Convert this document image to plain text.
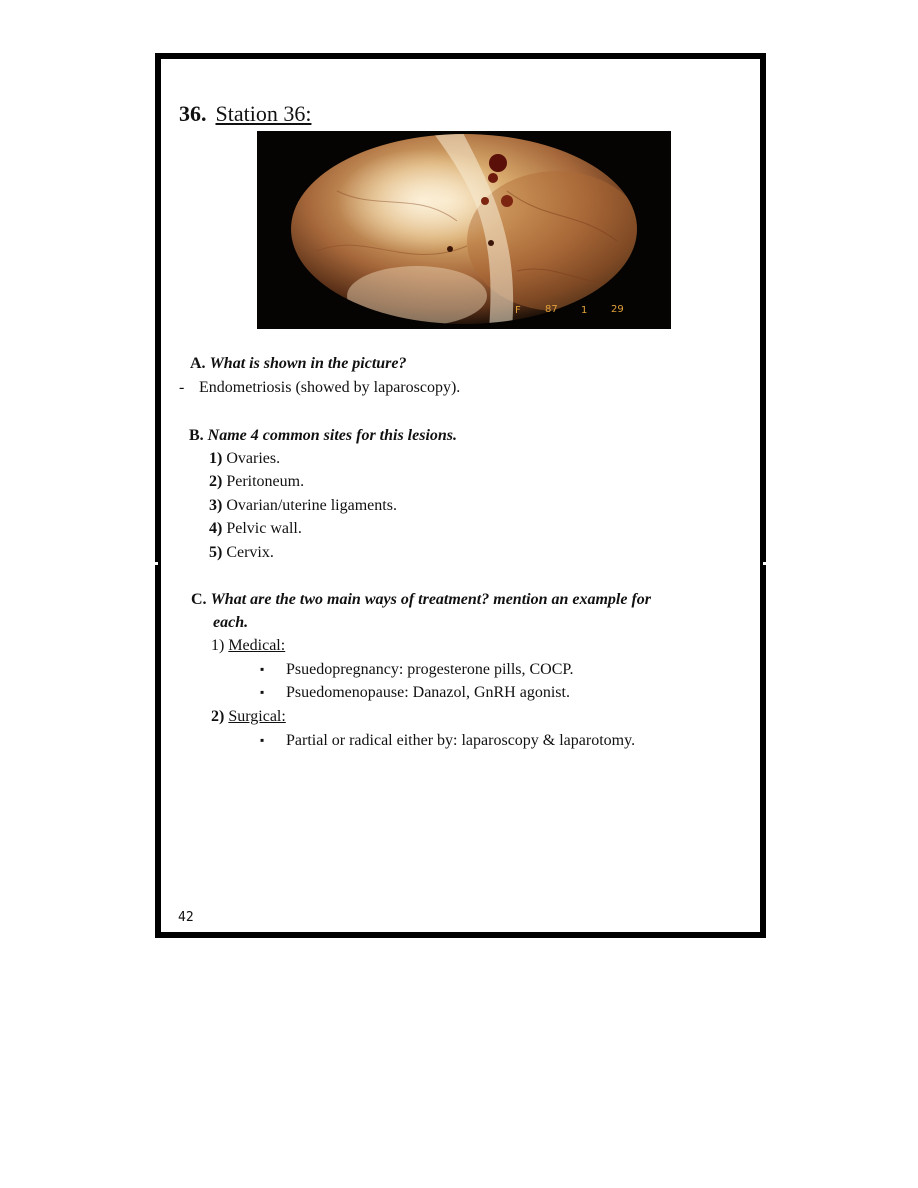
36. Station 36:
F 87 1 29
A. What is shown in the picture?
- Endometriosis (showed by laparoscopy).
B. Name 4 common sites for this lesions.
1) Ovaries.
2) Peritoneum.
3) Ovarian/uterine ligaments.
4) Pelvic wall.
5) Cervix.
C. What are the two main ways of treatment? mention an example for
each.
1) Medical:
▪ Psuedopregnancy: progesterone pills, COCP.
▪ Psuedomenopause: Danazol, GnRH agonist.
2) Surgical:
▪ Partial or radical either by: laparoscopy & laparotomy.
42
